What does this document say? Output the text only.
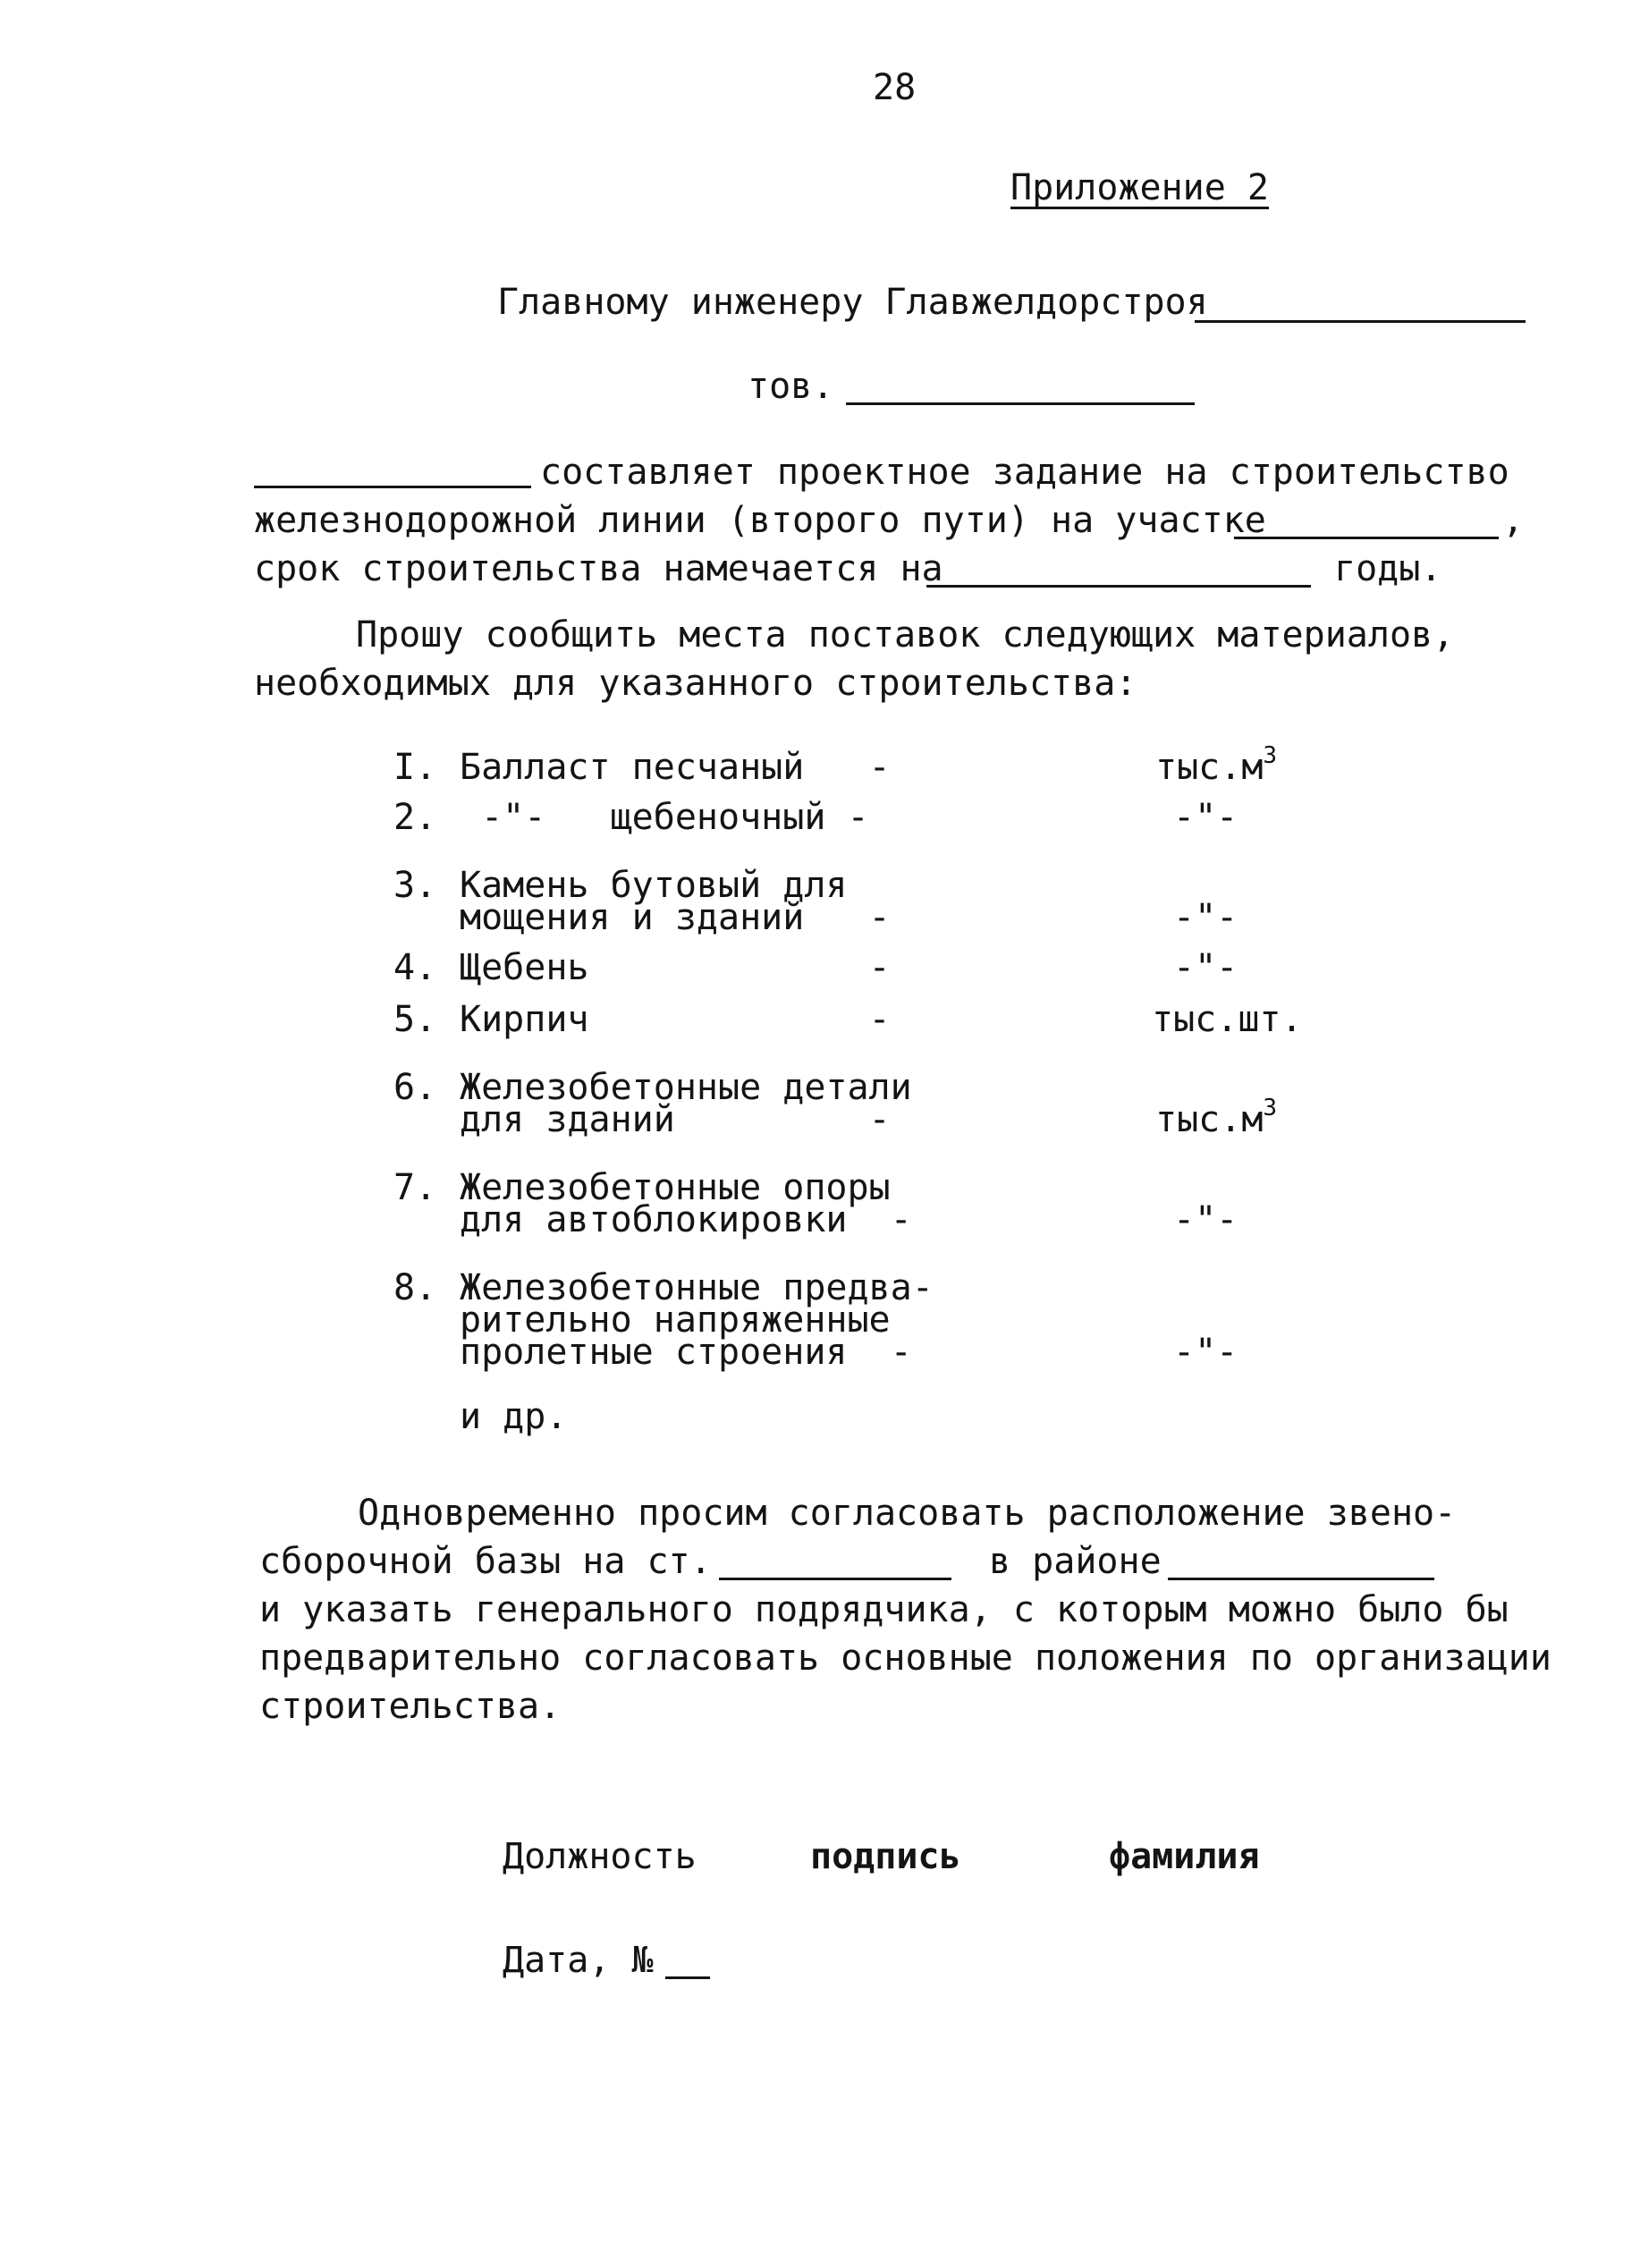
28
Приложение 2
Главному инженеру Главжелдорстроя
тов.
составляет проектное задание на строительство
железнодорожной линии (второго пути) на участке	,
срок строительства намечается на	годы.
Прошу сообщить места поставок следующих материалов,
необходимых для указанного строительства:
I. Балласт песчаный   -	$тыс.м^3$
2. -"-   щебеночный -	-"-
3. Камень бутовый для
мощения и зданий   -	-"-
4. Щебень             -	-"-
5. Кирпич             -	тыс.шт.
6. Железобетонные детали
для зданий         -	$тыс.м^3$
7. Железобетонные опоры
для автоблокировки  -	-"-
8. Железобетонные предва-
рительно напряженные
пролетные строения  -	-"-
и др.
Одновременно просим согласовать расположение звено-
сборочной базы на ст.	в районе
и указать генерального подрядчика, с которым можно было бы
предварительно согласовать основные положения по организации
строительства.
Должность	подпись	фамилия
Дата, №
